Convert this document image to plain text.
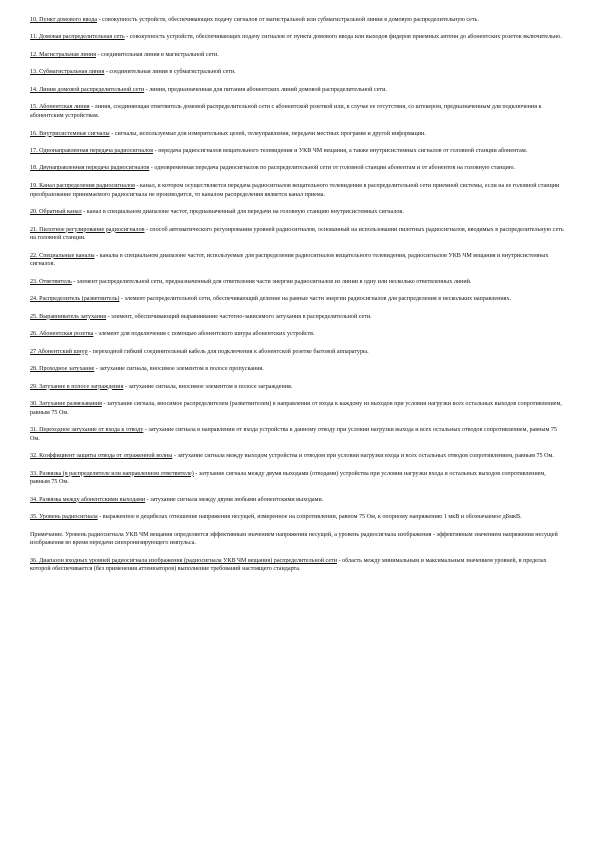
10. Пункт домового ввода - совокупность устройств, обеспечивающих подачу сигналов от магистральной или субмагистральной линии в домовую распределительную сеть.

11. Домовая распределительная сеть - совокупность устройств, обеспечивающих подачу сигналов от пункта домового ввода или выходов фидеров приемных антенн до абонентских розеток включительно.

12. Магистральная линия - соединительная линия в магистральной сети.

13. Субмагистральная линия - соединительная линия в субмагистральной сети.

14. Линия домовой распределительной сети - линия, предназначенная для питания абонентских линий домовой распределительной сети.

15. Абонентская линия - линия, соединяющая ответвитель домовой распределительной сети с абонентской розеткой или, в случае ее отсутствия, со штекером, предназначенным для подключения к абонентским устройствам.

16. Внутрисистемные сигналы - сигналы, используемые для измерительных целей, телеуправления, передачи местных программ и другой информации.

17. Однонаправленная передача радиосигналов - передача радиосигналов вещательного телевидения и УКВ ЧМ вещания, а также внутрисистемных сигналов от головной станции абонентам.

18. Двунаправленная передача радиосигналов - одновременная передача радиосигналов по распределительной сети от головной станции абонентам и от абонентов на головную станцию.

19. Канал распределения радиосигналов - канал, в котором осуществляется передача радиосигналов вещательного телевидения в распределительной сети приемной системы, если на ее головной станции преобразование принимаемого радиосигнала не производится, то каналом распределения является канал приема.

20. Обратный канал - канал в специальном диапазоне частот, предназначенный для передачи на головную станцию внутрисистемных сигналов.

21. Пилотное регулирование радиосигналов - способ автоматического регулирования уровней радиосигналов, основанный на использовании пилотных радиосигналов, вводимых в распределительную сеть на головной станции.

22. Специальные каналы - каналы в специальном диапазоне частот, используемые для распределения радиосигналов вещательного телевидения, радиосигналов УКВ ЧМ вещания и внутрисистемных сигналов.

23. Ответвитель - элемент распределительной сети, предназначенный для ответвления части энергии радиосигналов из линии в одну или несколько ответвленных линий.

24. Распределитель (разветвитель) - элемент распределительной сети, обеспечивающий деление на равные части энергии радиосигналов для распределения в нескольких направлениях.

25. Выравниватель затухания - элемент, обеспечивающий выравнивание частотно-зависимого затухания в распределительной сети.

26. Абонентская розетка - элемент для подключения с помощью абонентского шнура абонентских устройств.

27 Абонентский шнур - переходной гибкий соединительный кабель для подключения к абонентской розетке бытовой аппаратуры.

28. Проходное затухание - затухание сигнала, вносимое элементом в полосе пропускания.

29. Затухание в полосе заграждения - затухание сигнала, вносимое элементом в полосе заграждения.

30. Затухание развязывания - затухание сигнала, вносимое распределителем (разветвителем) в направлении от входа к каждому из выходов при условии нагрузки всех остальных выходов сопротивлением, равным 75 Ом.

31. Переходное затухание от входа к отводу - затухание сигнала в направлении от входа устройства к данному отводу при условии нагрузки выхода и всех остальных отводов сопротивлением, равным 75 Ом.

32. Коэффициент защиты отвода от отраженной волны - затухание сигнала между выходом устройства и отводом при условии нагрузки входа и всех остальных отводов сопротивлением, равным 75 Ом.

33. Развязка (в распределителе или направленном ответвителе) - затухание сигнала между двумя выходами (отводами) устройства при условии нагрузки входа и остальных выходов сопротивлением, равным 75 Ом.

34. Развязка между абонентскими выходами - затухание сигнала между двумя любыми абонентскими выходами.

35. Уровень радиосигнала - выраженное в децибелах отношение напряжения несущей, измеренное на сопротивлении, равном 75 Ом, к опорному напряжению 1 мкВ и обозначаемое дБмкВ.

Примечание. Уровень радиосигнала УКВ ЧМ вещания определяется эффективным значением напряжения несущей, а уровень радиосигнала изображения - эффективным значением напряжения несущей изображения во время передачи синхронизирующего импульса.

36. Диапазон входных уровней радиосигнала изображения (радиосигнала УКВ ЧМ вещания) распределительной сети - область между минимальным и максимальным значением уровней, в пределах которой обеспечивается (без применения аттенюаторов) выполнение требований настоящего стандарта.
